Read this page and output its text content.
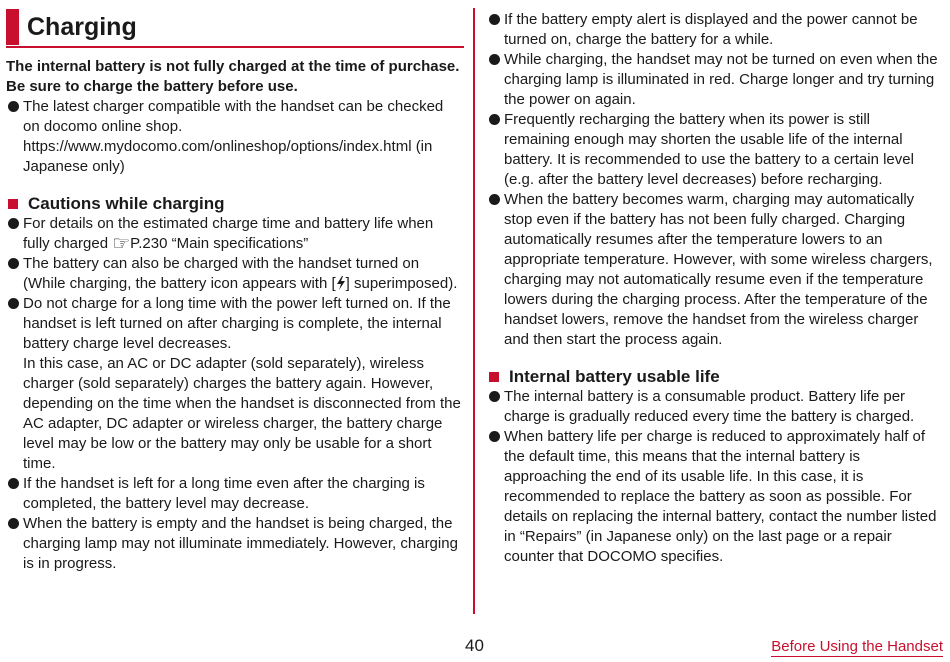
Charging

The internal battery is not fully charged at the time of purchase. Be sure to charge the battery before use.

The latest charger compatible with the handset can be checked on docomo online shop. https://www.mydocomo.com/onlineshop/options/index.html (in Japanese only)
Cautions while charging
For details on the estimated charge time and battery life when fully charged ☞P.230 “Main specifications”
The battery can also be charged with the handset turned on (While charging, the battery icon appears with [ ] superimposed).
Do not charge for a long time with the power left turned on. If the handset is left turned on after charging is complete, the internal battery charge level decreases.
In this case, an AC or DC adapter (sold separately), wireless charger (sold separately) charges the battery again. However, depending on the time when the handset is disconnected from the AC adapter, DC adapter or wireless charger, the battery charge level may be low or the battery may only be usable for a short time.
If the handset is left for a long time even after the charging is completed, the battery level may decrease.
When the battery is empty and the handset is being charged, the charging lamp may not illuminate immediately. However, charging is in progress.
If the battery empty alert is displayed and the power cannot be turned on, charge the battery for a while.
While charging, the handset may not be turned on even when the charging lamp is illuminated in red. Charge longer and try turning the power on again.
Frequently recharging the battery when its power is still remaining enough may shorten the usable life of the internal battery. It is recommended to use the battery to a certain level (e.g. after the battery level decreases) before recharging.
When the battery becomes warm, charging may automatically stop even if the battery has not been fully charged. Charging automatically resumes after the temperature lowers to an appropriate temperature. However, with some wireless chargers, charging may not automatically resume even if the temperature lowers during the charging process. After the temperature of the handset lowers, remove the handset from the wireless charger and then start the process again.
Internal battery usable life
The internal battery is a consumable product. Battery life per charge is gradually reduced every time the battery is charged.
When battery life per charge is reduced to approximately half of the default time, this means that the internal battery is approaching the end of its usable life. In this case, it is recommended to replace the battery as soon as possible. For details on replacing the internal battery, contact the number listed in “Repairs” (in Japanese only) on the last page or a repair counter that DOCOMO specifies.
40	Before Using the Handset
